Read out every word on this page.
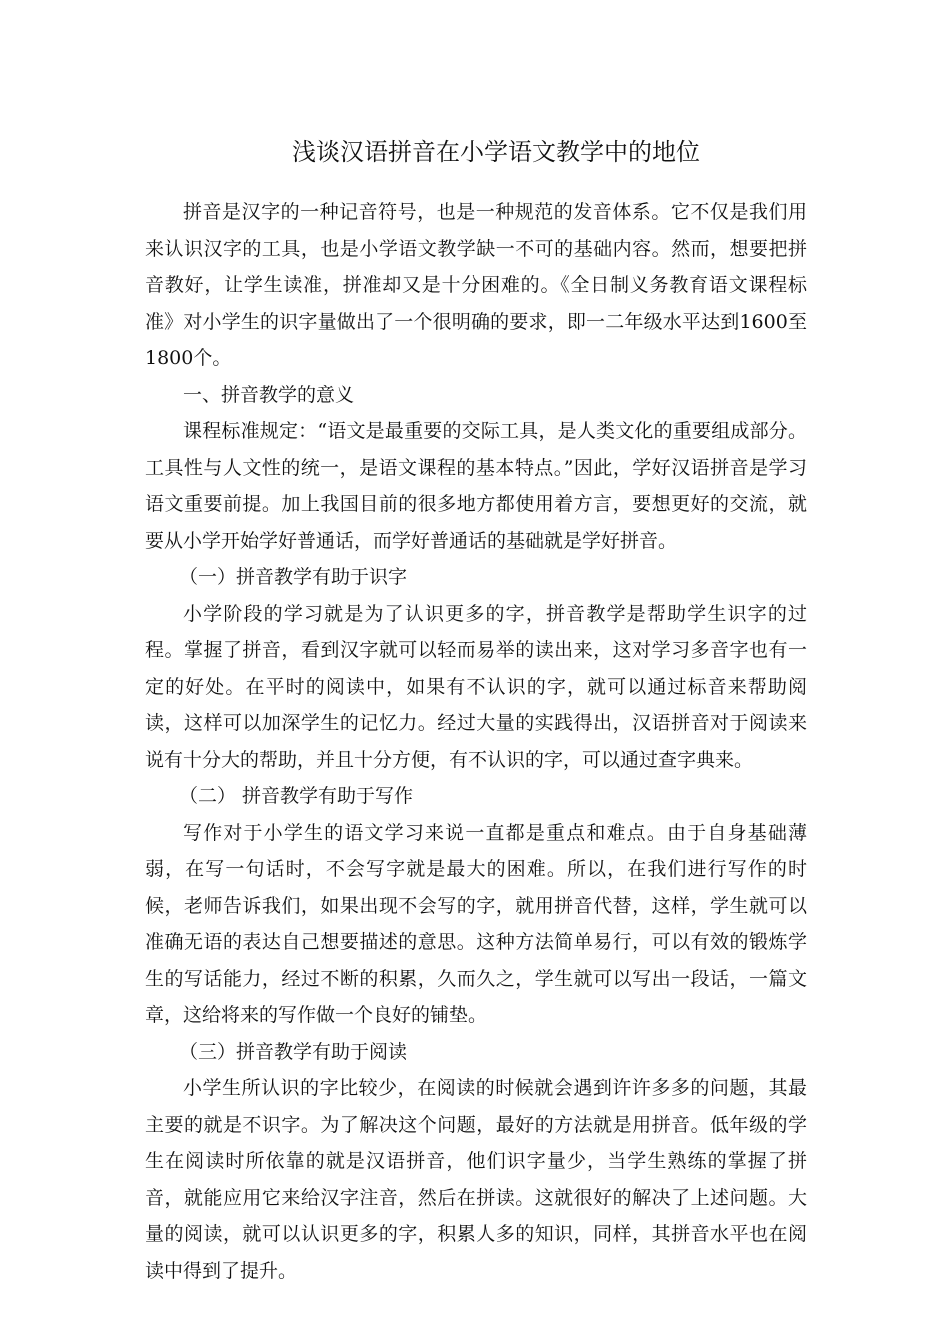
浅谈汉语拼音在小学语文教学中的地位

拼音是汉字的一种记音符号，也是一种规范的发音体系。它不仅是我们用来认识汉字的工具，也是小学语文教学缺一不可的基础内容。然而，想要把拼音教好，让学生读准，拼准却又是十分困难的。《全日制义务教育语文课程标准》对小学生的识字量做出了一个很明确的要求，即一二年级水平达到1600至1800个。

一、拼音教学的意义

课程标准规定：“语文是最重要的交际工具，是人类文化的重要组成部分。工具性与人文性的统一，是语文课程的基本特点。”因此，学好汉语拼音是学习语文重要前提。加上我国目前的很多地方都使用着方言，要想更好的交流，就要从小学开始学好普通话，而学好普通话的基础就是学好拼音。

（一）拼音教学有助于识字

小学阶段的学习就是为了认识更多的字，拼音教学是帮助学生识字的过程。掌握了拼音，看到汉字就可以轻而易举的读出来，这对学习多音字也有一定的好处。在平时的阅读中，如果有不认识的字，就可以通过标音来帮助阅读，这样可以加深学生的记忆力。经过大量的实践得出，汉语拼音对于阅读来说有十分大的帮助，并且十分方便，有不认识的字，可以通过查字典来。

（二） 拼音教学有助于写作

写作对于小学生的语文学习来说一直都是重点和难点。由于自身基础薄弱，在写一句话时，不会写字就是最大的困难。所以，在我们进行写作的时候，老师告诉我们，如果出现不会写的字，就用拼音代替，这样，学生就可以准确无语的表达自己想要描述的意思。这种方法简单易行，可以有效的锻炼学生的写话能力，经过不断的积累，久而久之，学生就可以写出一段话，一篇文章，这给将来的写作做一个良好的铺垫。

（三）拼音教学有助于阅读

小学生所认识的字比较少，在阅读的时候就会遇到许许多多的问题，其最主要的就是不识字。为了解决这个问题，最好的方法就是用拼音。低年级的学生在阅读时所依靠的就是汉语拼音，他们识字量少，当学生熟练的掌握了拼音，就能应用它来给汉字注音，然后在拼读。这就很好的解决了上述问题。大量的阅读，就可以认识更多的字，积累人多的知识，同样，其拼音水平也在阅读中得到了提升。
